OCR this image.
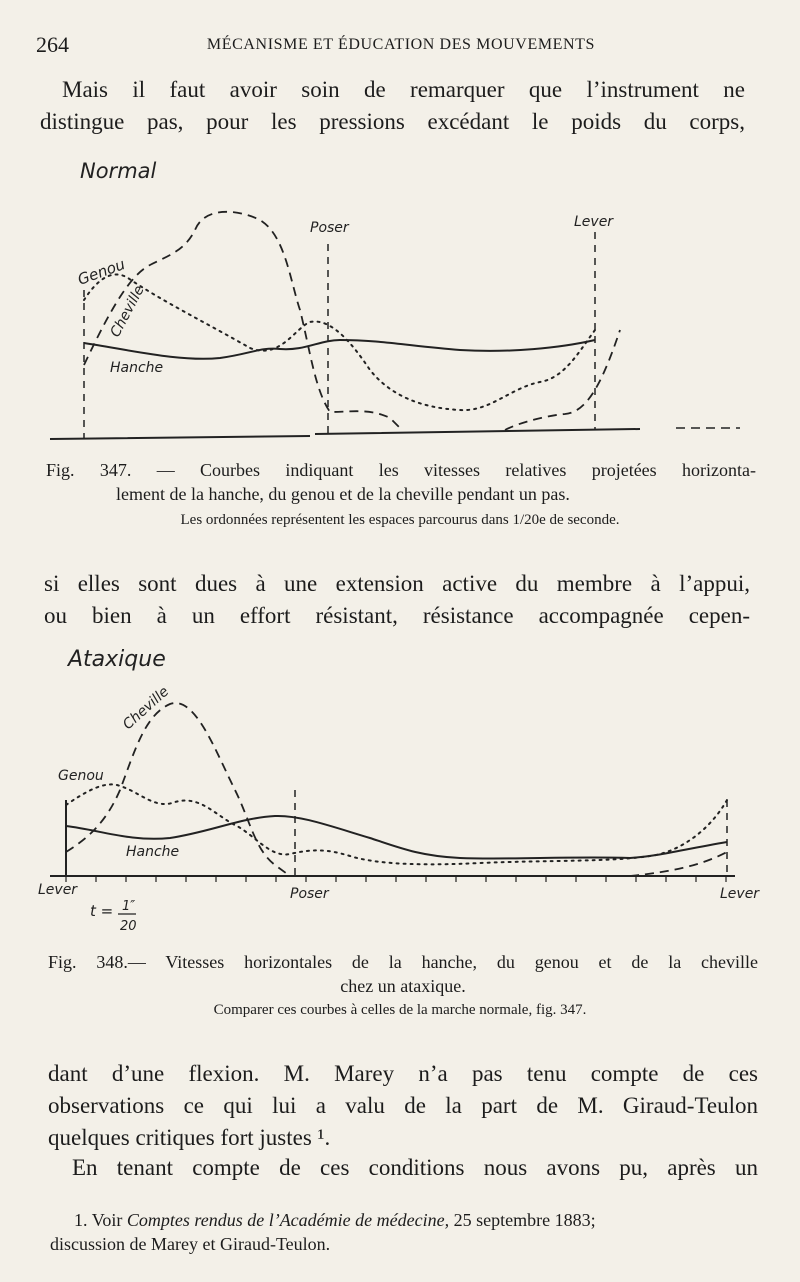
264	MÉCANISME ET ÉDUCATION DES MOUVEMENTS
Mais il faut avoir soin de remarquer que l’instrument ne
distingue pas, pour les pressions excédant le poids du corps,
Normal
Genou
Cheville
Hanche
Poser	Lever
Fig. 347. — Courbes indiquant les vitesses relatives projetées horizonta-
lement de la hanche, du genou et de la cheville pendant un pas.
Les ordonnées représentent les espaces parcourus dans 1/20e de seconde.
si elles sont dues à une extension active du membre à l’appui,
ou bien à un effort résistant, résistance accompagnée cepen-
Ataxique
Genou
Cheville
Hanche
Lever	Poser	Lever
t = 1″
20
Fig. 348.— Vitesses horizontales de la hanche, du genou et de la cheville
chez un ataxique.
Comparer ces courbes à celles de la marche normale, fig. 347.
dant d’une flexion. M. Marey n’a pas tenu compte de ces
observations ce qui lui a valu de la part de M. Giraud-Teulon
quelques critiques fort justes ¹.
En tenant compte de ces conditions nous avons pu, après un
1. Voir Comptes rendus de l’Académie de médecine, 25 septembre 1883;
discussion de Marey et Giraud-Teulon.
